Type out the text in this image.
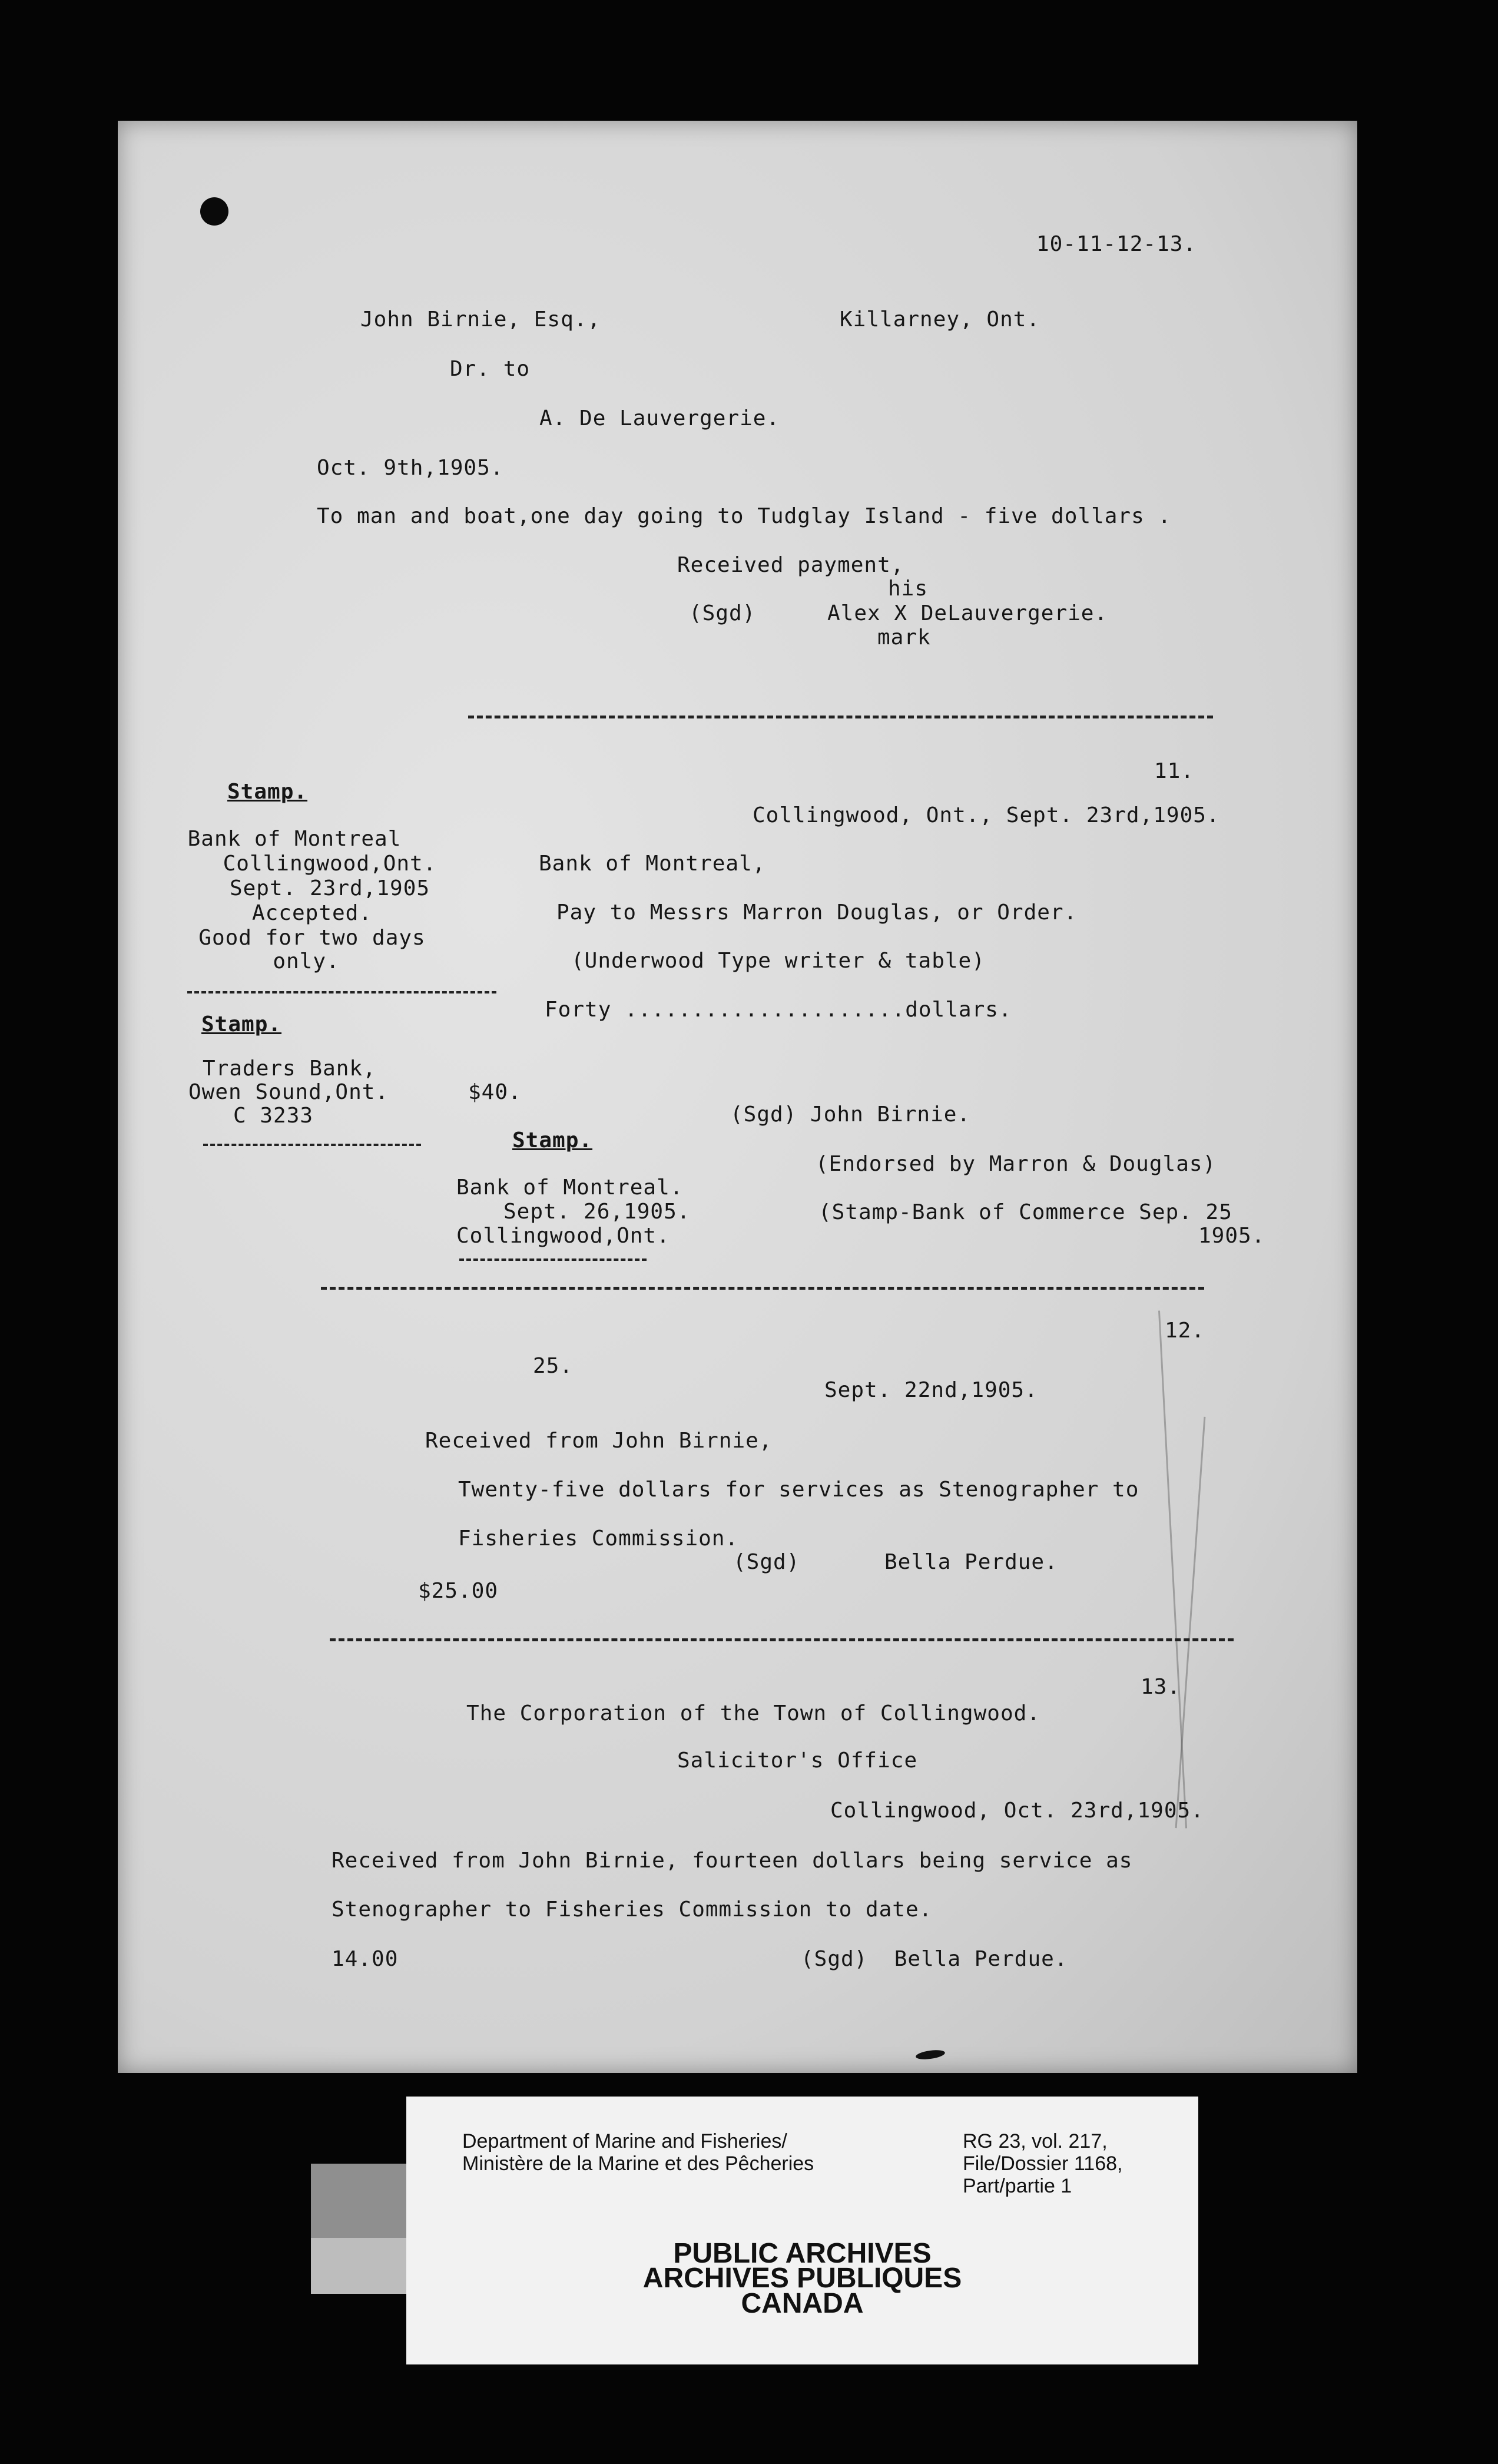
10-11-12-13.
John Birnie, Esq.,	Killarney, Ont.
Dr. to
A. De Lauvergerie.
Oct. 9th,1905.
To man and boat,one day going to Tudglay Island - five dollars .
Received payment,
his
(Sgd)	Alex X DeLauvergerie.
mark
11.
Stamp.
Collingwood, Ont., Sept. 23rd,1905.
Bank of Montreal
Bank of Montreal,
Collingwood,Ont.
Sept. 23rd,1905
Pay to Messrs Marron Douglas, or Order.
Accepted.
Good for two days
(Underwood Type writer & table)
only.
Forty .....................dollars.
Stamp.
Traders Bank,
Owen Sound,Ont.	$40.
C 3233	(Sgd) John Birnie.
Stamp.
(Endorsed by Marron & Douglas)
Bank of Montreal.
Sept. 26,1905.	(Stamp-Bank of Commerce Sep. 25
Collingwood,Ont.	1905.
12.
25.
Sept. 22nd,1905.
Received from John Birnie,
Twenty-five dollars for services as Stenographer to
Fisheries Commission.
(Sgd)	Bella Perdue.
$25.00
13.
The Corporation of the Town of Collingwood.
Salicitor's Office
Collingwood, Oct. 23rd,1905.
Received from John Birnie, fourteen dollars being service as
Stenographer to Fisheries Commission to date.
14.00	(Sgd)  Bella Perdue.
Department of Marine and Fisheries/
Ministère de la Marine et des Pêcheries
RG 23, vol. 217,
File/Dossier 1168,
Part/partie 1
PUBLIC ARCHIVES
ARCHIVES PUBLIQUES
CANADA
